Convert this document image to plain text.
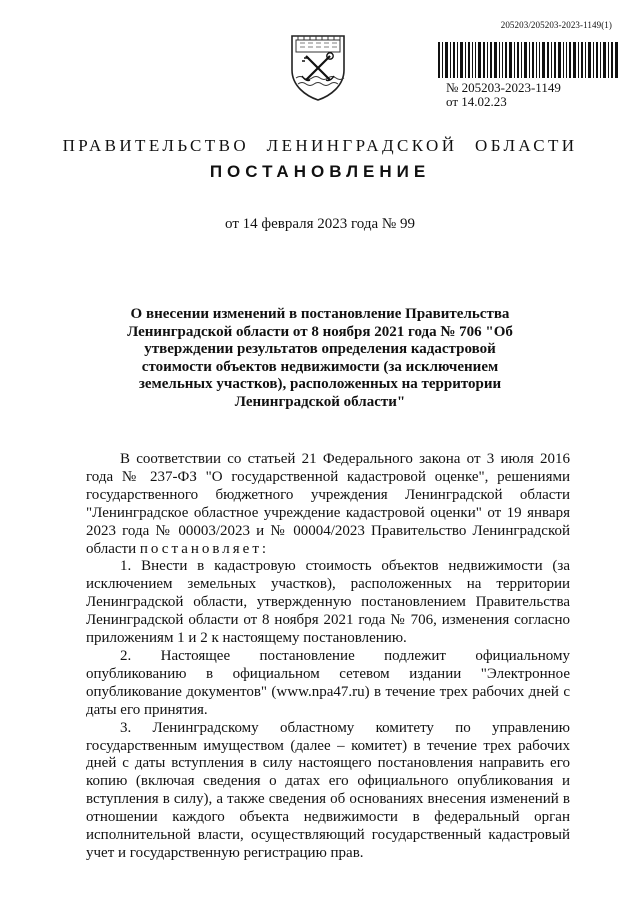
205203/205203-2023-1149(1)
№ 205203-2023-1149
от 14.02.23
ПРАВИТЕЛЬСТВО ЛЕНИНГРАДСКОЙ ОБЛАСТИ
ПОСТАНОВЛЕНИЕ
от 14 февраля 2023 года № 99
О внесении изменений в постановление Правительства Ленинградской области от 8 ноября 2021 года № 706 "Об утверждении результатов определения кадастровой стоимости объектов недвижимости (за исключением земельных участков), расположенных на территории Ленинградской области"

В соответствии со статьей 21 Федерального закона от 3 июля 2016 года № 237-ФЗ "О государственной кадастровой оценке", решениями государственного бюджетного учреждения Ленинградской области "Ленинградское областное учреждение кадастровой оценки" от 19 января 2023 года № 00003/2023 и № 00004/2023 Правительство Ленинградской области постановляет:

1. Внести в кадастровую стоимость объектов недвижимости (за исключением земельных участков), расположенных на территории Ленинградской области, утвержденную постановлением Правительства Ленинградской области от 8 ноября 2021 года № 706, изменения согласно приложениям 1 и 2 к настоящему постановлению.

2. Настоящее постановление подлежит официальному опубликованию в официальном сетевом издании "Электронное опубликование документов" (www.npa47.ru) в течение трех рабочих дней с даты его принятия.

3. Ленинградскому областному комитету по управлению государственным имуществом (далее – комитет) в течение трех рабочих дней с даты вступления в силу настоящего постановления направить его копию (включая сведения о датах его официального опубликования и вступления в силу), а также сведения об основаниях внесения изменений в отношении каждого объекта недвижимости в федеральный орган исполнительной власти, осуществляющий государственный кадастровый учет и государственную регистрацию прав.
